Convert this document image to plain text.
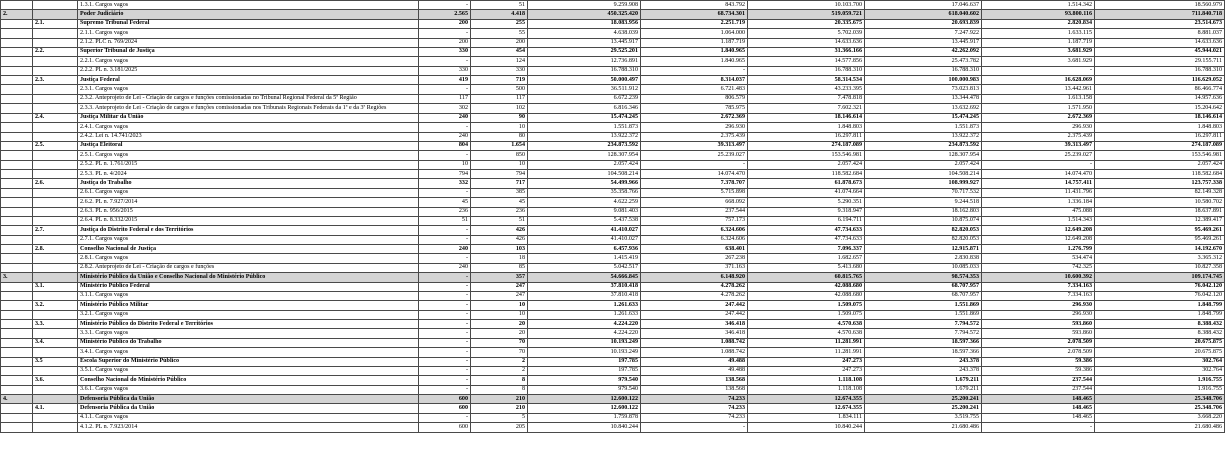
		1.3.1. Cargos vagos	-	51	9.259.908	843.792	10.103.700	17.046.637	1.514.342	18.560.979
2.		Poder Judiciário	2.565	4.418	450.325.420	68.734.301	519.059.721	618.040.602	93.800.116	711.840.718
	2.1.	Supremo Tribunal Federal	200	255	18.083.956	2.251.719	20.335.675	20.693.839	2.820.834	23.514.673
		2.1.1. Cargos vagos	-	55	4.638.039	1.064.000	5.702.039	7.247.922	1.633.115	8.881.037
		2.1.2. PLC n. 769/2024	200	200	13.445.917	1.187.719	14.633.636	13.445.917	1.187.719	14.633.636
	2.2.	Superior Tribunal de Justiça	330	454	29.525.201	1.840.965	31.366.166	42.262.092	3.681.929	45.944.021
		2.2.1. Cargos vagos	-	124	12.736.891	1.840.965	14.577.856	25.473.782	3.681.929	29.155.711
		2.2.2. PL n. 3.181/2025	330	330	16.788.310	-	16.788.310	16.788.310	-	16.788.310
	2.3.	Justiça Federal	419	719	50.000.497	8.314.037	58.314.534	100.000.983	16.628.069	116.629.052
		2.3.1. Cargos vagos	-	500	36.511.912	6.721.483	43.233.395	73.023.813	13.442.961	86.466.774
		2.3.2. Anteprojeto de Lei - Criação de cargos e funções comissionadas no Tribunal Regional Federal da 5ª Região	117	117	6.672.239	806.579	7.478.818	13.344.478	1.613.158	14.957.636
		2.3.3. Anteprojeto de Lei - Criação de cargos e funções comissionadas nos Tribunais Regionais Federais da 1ª e da 3ª Regiões	302	102	6.816.346	785.975	7.602.321	13.632.692	1.571.950	15.204.642
	2.4.	Justiça Militar da União	240	90	15.474.245	2.672.369	18.146.614	15.474.245	2.672.369	18.146.614
		2.4.1. Cargos vagos	-	10	1.551.873	296.930	1.848.803	1.551.873	296.930	1.848.803
		2.4.2. Lei n. 14.741/2023	240	80	13.922.372	2.375.439	16.297.811	13.922.372	2.375.439	16.297.811
	2.5.	Justiça Eleitoral	804	1.654	234.873.592	39.313.497	274.187.089	234.873.592	39.313.497	274.187.089
		2.5.1. Cargos vagos	-	850	128.307.954	25.239.027	153.546.981	128.307.954	25.239.027	153.546.981
		2.5.2. PL n. 1.761/2015	10	10	2.057.424	-	2.057.424	2.057.424	-	2.057.424
		2.5.3. PL n. 4/2024	794	794	104.508.214	14.074.470	118.582.684	104.508.214	14.074.470	118.582.684
	2.6.	Justiça do Trabalho	332	717	54.499.966	7.378.707	61.878.673	108.999.927	14.757.411	123.757.338
		2.6.1. Cargos vagos	-	385	35.358.766	5.715.898	41.074.664	70.717.532	11.431.796	82.149.328
		2.6.2. PL n. 7.927/2014	45	45	4.622.259	668.092	5.290.351	9.244.518	1.336.184	10.580.702
		2.6.3. PL n. 956/2015	236	236	9.081.403	237.544	9.318.947	18.162.803	475.088	18.637.891
		2.6.4. PL n. 8.332/2015	51	51	5.437.538	757.173	6.194.711	10.875.074	1.514.343	12.389.417
	2.7.	Justiça do Distrito Federal e dos Territórios	-	426	41.410.027	6.324.606	47.734.633	82.820.053	12.649.208	95.469.261
		2.7.1. Cargos vagos	-	426	41.410.027	6.324.606	47.734.633	82.820.053	12.649.208	95.469.261
	2.8.	Conselho Nacional de Justiça	240	103	6.457.936	638.401	7.096.337	12.915.871	1.276.799	14.192.670
		2.8.1. Cargos vagos	-	18	1.415.419	267.238	1.682.657	2.830.838	534.474	3.365.312
		2.8.2. Anteprojeto de Lei - Criação de cargos e funções	240	85	5.042.517	371.163	5.413.680	10.085.033	742.325	10.827.358
3.		Ministério Público da União e Conselho Nacional do Ministério Público	-	357	54.666.845	6.148.920	60.815.765	98.574.353	10.600.392	109.174.745
	3.1.	Ministério Público Federal	-	247	37.810.418	4.278.262	42.088.680	68.707.957	7.334.163	76.042.120
		3.1.1. Cargos vagos	-	247	37.810.418	4.278.262	42.088.680	68.707.957	7.334.163	76.042.120
	3.2.	Ministério Público Militar	-	10	1.261.633	247.442	1.509.075	1.551.869	296.930	1.848.799
		3.2.1. Cargos vagos	-	10	1.261.633	247.442	1.509.075	1.551.869	296.930	1.848.799
	3.3.	Ministério Público do Distrito Federal e Territórios	-	20	4.224.220	346.418	4.570.638	7.794.572	593.860	8.388.432
		3.3.1. Cargos vagos	-	20	4.224.220	346.418	4.570.638	7.794.572	593.860	8.388.432
	3.4.	Ministério Público do Trabalho	-	70	10.193.249	1.088.742	11.281.991	18.597.366	2.078.509	20.675.875
		3.4.1. Cargos vagos	-	70	10.193.249	1.088.742	11.281.991	18.597.366	2.078.509	20.675.875
	3.5	Escola Superior do Ministério Público	-	2	197.785	49.488	247.273	243.378	59.386	302.764
		3.5.1. Cargos vagos	-	2	197.785	49.488	247.273	243.378	59.386	302.764
	3.6.	Conselho Nacional do Ministério Público	-	8	979.540	138.568	1.118.108	1.679.211	237.544	1.916.755
		3.6.1. Cargos vagos	-	8	979.540	138.568	1.118.108	1.679.211	237.544	1.916.755
4.		Defensoria Pública da União	600	210	12.600.122	74.233	12.674.355	25.200.241	148.465	25.348.706
	4.1.	Defensoria Pública da União	600	210	12.600.122	74.233	12.674.355	25.200.241	148.465	25.348.706
		4.1.1. Cargos vagos	-	5	1.759.878	74.233	1.834.111	3.519.755	148.465	3.668.220
		4.1.2. PL n. 7.923/2014	600	205	10.840.244	-	10.840.244	21.680.486	-	21.680.486
